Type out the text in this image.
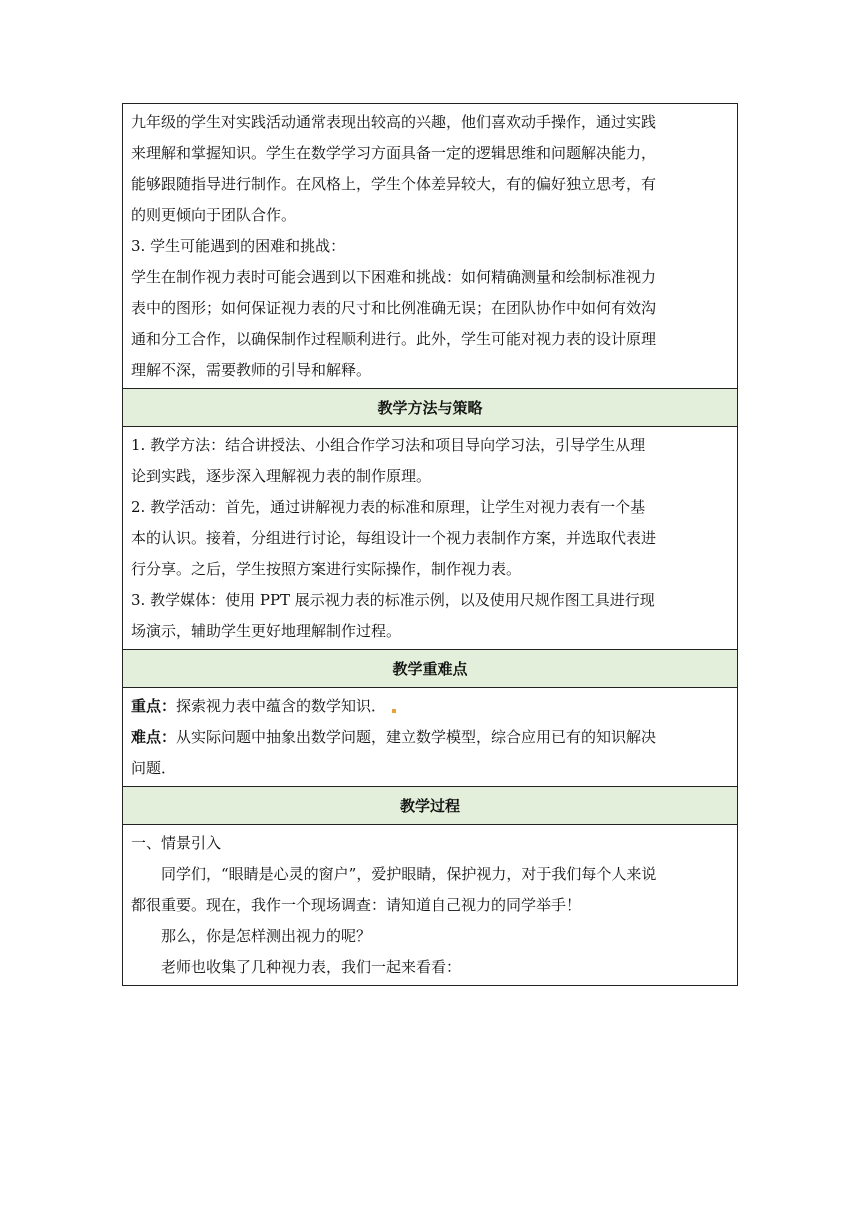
九年级的学生对实践活动通常表现出较高的兴趣，他们喜欢动手操作，通过实践
来理解和掌握知识。学生在数学学习方面具备一定的逻辑思维和问题解决能力，
能够跟随指导进行制作。在风格上，学生个体差异较大，有的偏好独立思考，有
的则更倾向于团队合作。
3. 学生可能遇到的困难和挑战：
学生在制作视力表时可能会遇到以下困难和挑战：如何精确测量和绘制标准视力
表中的图形；如何保证视力表的尺寸和比例准确无误；在团队协作中如何有效沟
通和分工合作，以确保制作过程顺利进行。此外，学生可能对视力表的设计原理
理解不深，需要教师的引导和解释。

教学方法与策略

1. 教学方法：结合讲授法、小组合作学习法和项目导向学习法，引导学生从理
论到实践，逐步深入理解视力表的制作原理。
2. 教学活动：首先，通过讲解视力表的标准和原理，让学生对视力表有一个基
本的认识。接着，分组进行讨论，每组设计一个视力表制作方案，并选取代表进
行分享。之后，学生按照方案进行实际操作，制作视力表。
3. 教学媒体：使用 PPT 展示视力表的标准示例，以及使用尺规作图工具进行现
场演示，辅助学生更好地理解制作过程。

教学重难点

重点：探索视力表中蕴含的数学知识．
难点：从实际问题中抽象出数学问题，建立数学模型，综合应用已有的知识解决
问题．

教学过程

一、情景引入
同学们，“眼睛是心灵的窗户”，爱护眼睛，保护视力，对于我们每个人来说
都很重要。现在，我作一个现场调查：请知道自己视力的同学举手！
那么，你是怎样测出视力的呢？
老师也收集了几种视力表，我们一起来看看：
